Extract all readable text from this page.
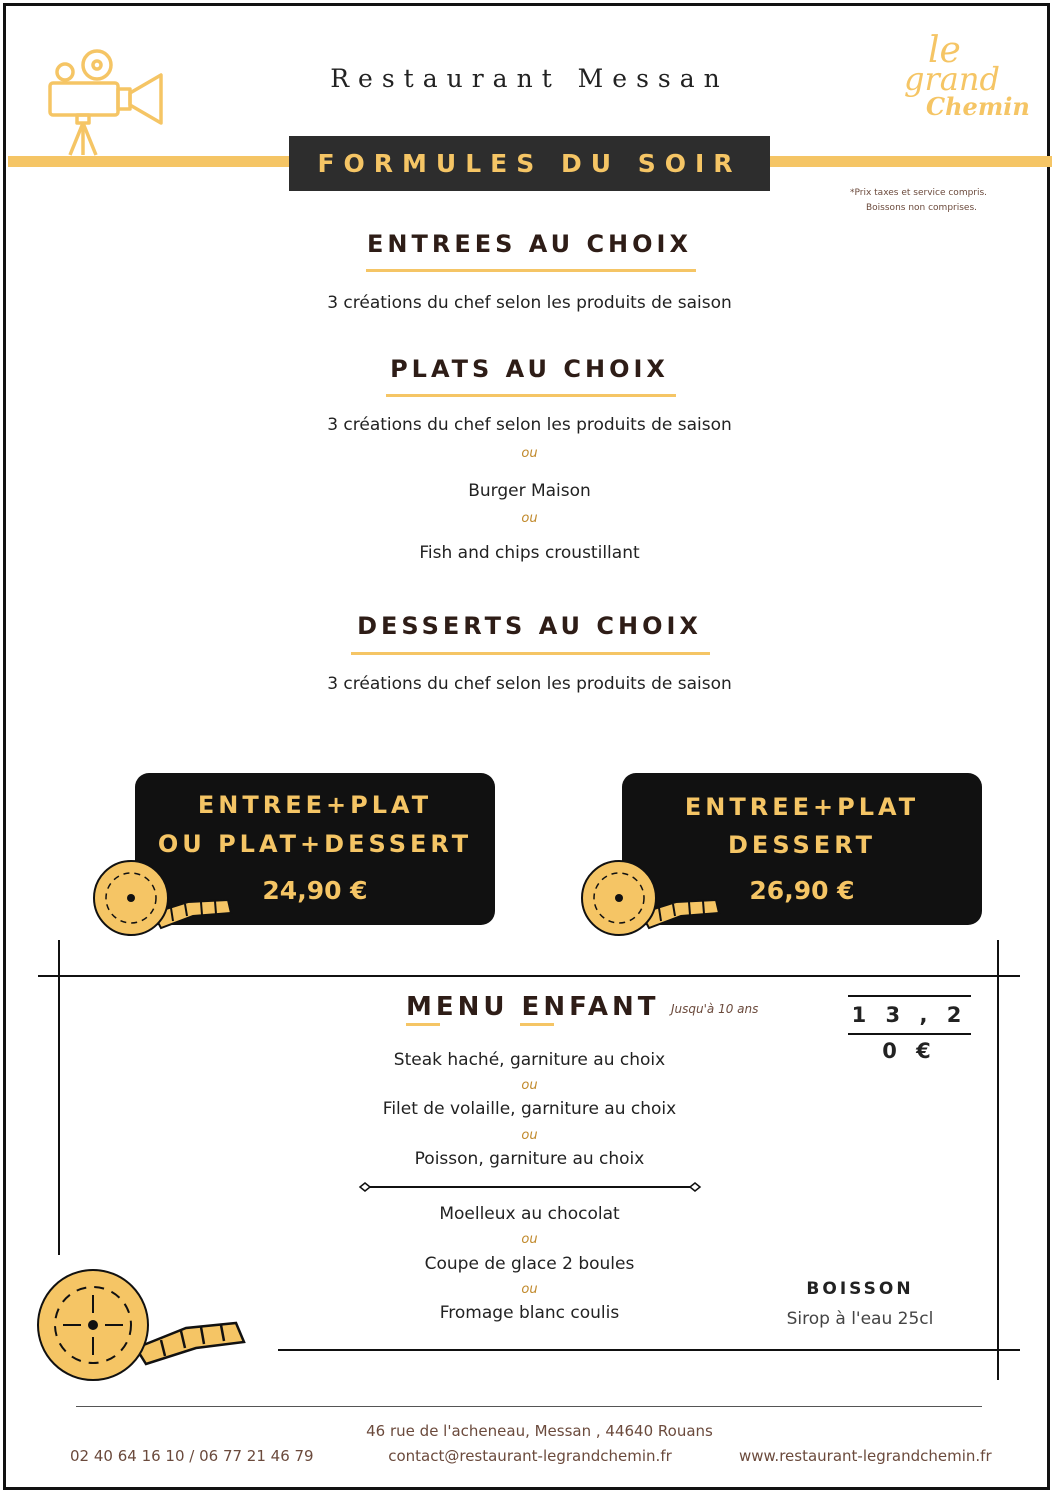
le
grand
Chemin
Restaurant Messan
FORMULES DU SOIR
*Prix taxes et service compris.
Boissons non comprises.
ENTREES AU CHOIX
3 créations du chef selon les produits de saison
PLATS AU CHOIX
3 créations du chef selon les produits de saison
ou
Burger Maison
ou
Fish and chips croustillant
DESSERTS AU CHOIX
3 créations du chef selon les produits de saison
ENTREE+PLAT
OU PLAT+DESSERT
24,90 €
ENTREE+PLAT
DESSERT
26,90 €
MENU ENFANT Jusqu'à 10 ans	1 3 , 2 0 €
Steak haché, garniture au choix
ou
Filet de volaille, garniture au choix
ou
Poisson, garniture au choix
Moelleux au chocolat
ou
Coupe de glace 2 boules
ou
Fromage blanc coulis
BOISSON
Sirop à l'eau 25cl
46 rue de l'acheneau, Messan , 44640 Rouans
02 40 64 16 10 / 06 77 21 46 79	contact@restaurant-legrandchemin.fr	www.restaurant-legrandchemin.fr
